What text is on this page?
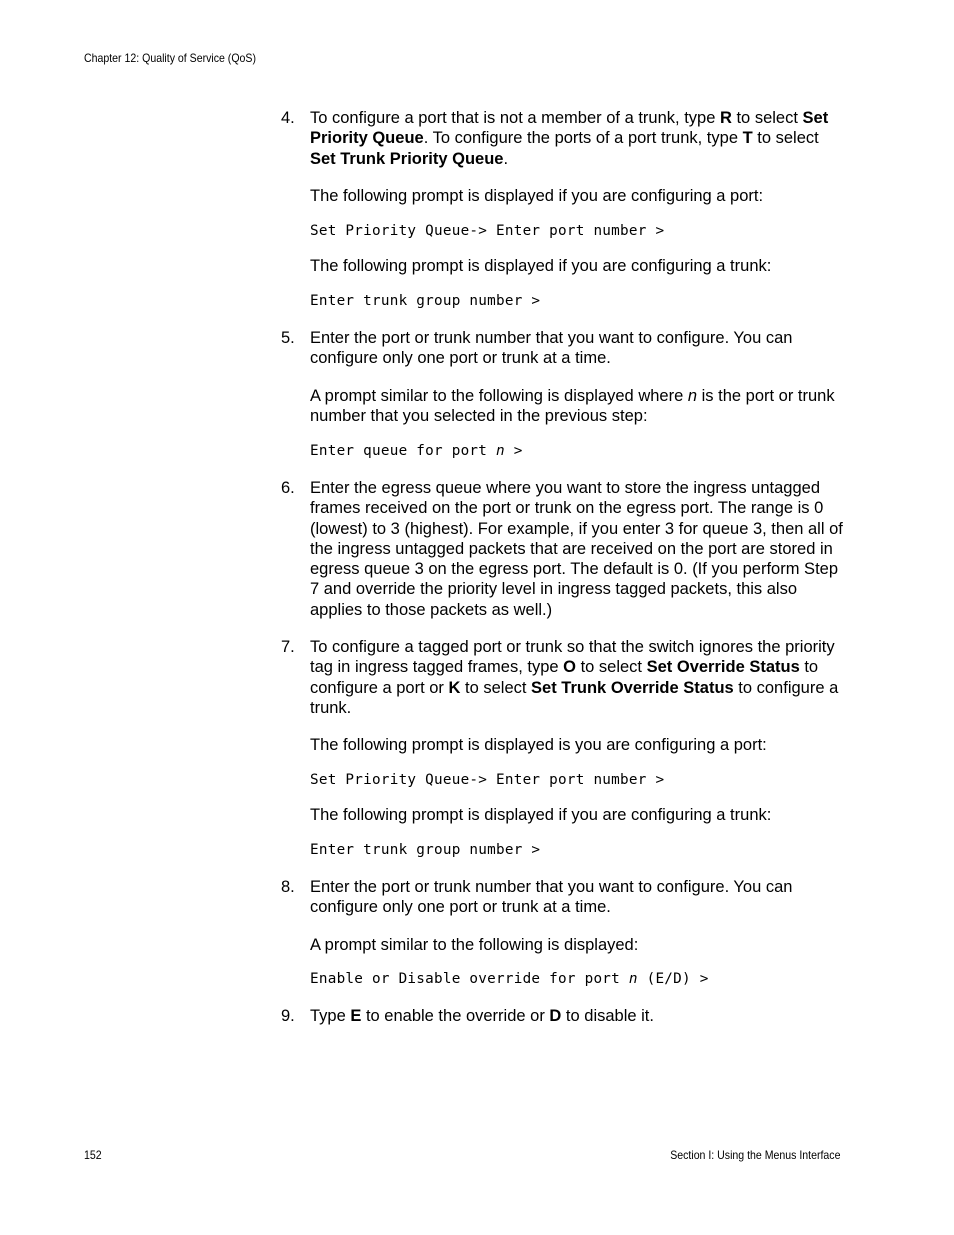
Chapter 12: Quality of Service (QoS)
4. To configure a port that is not a member of a trunk, type R to select Set Priority Queue. To configure the ports of a port trunk, type T to select Set Trunk Priority Queue.
The following prompt is displayed if you are configuring a port:
Set Priority Queue-> Enter port number >
The following prompt is displayed if you are configuring a trunk:
Enter trunk group number >
5. Enter the port or trunk number that you want to configure. You can configure only one port or trunk at a time.
A prompt similar to the following is displayed where n is the port or trunk number that you selected in the previous step:
Enter queue for port n >
6. Enter the egress queue where you want to store the ingress untagged frames received on the port or trunk on the egress port. The range is 0 (lowest) to 3 (highest). For example, if you enter 3 for queue 3, then all of the ingress untagged packets that are received on the port are stored in egress queue 3 on the egress port. The default is 0. (If you perform Step 7 and override the priority level in ingress tagged packets, this also applies to those packets as well.)
7. To configure a tagged port or trunk so that the switch ignores the priority tag in ingress tagged frames, type O to select Set Override Status to configure a port or K to select Set Trunk Override Status to configure a trunk.
The following prompt is displayed is you are configuring a port:
Set Priority Queue-> Enter port number >
The following prompt is displayed if you are configuring a trunk:
Enter trunk group number >
8. Enter the port or trunk number that you want to configure. You can configure only one port or trunk at a time.
A prompt similar to the following is displayed:
Enable or Disable override for port n (E/D) >
9. Type E to enable the override or D to disable it.
152	Section I: Using the Menus Interface
